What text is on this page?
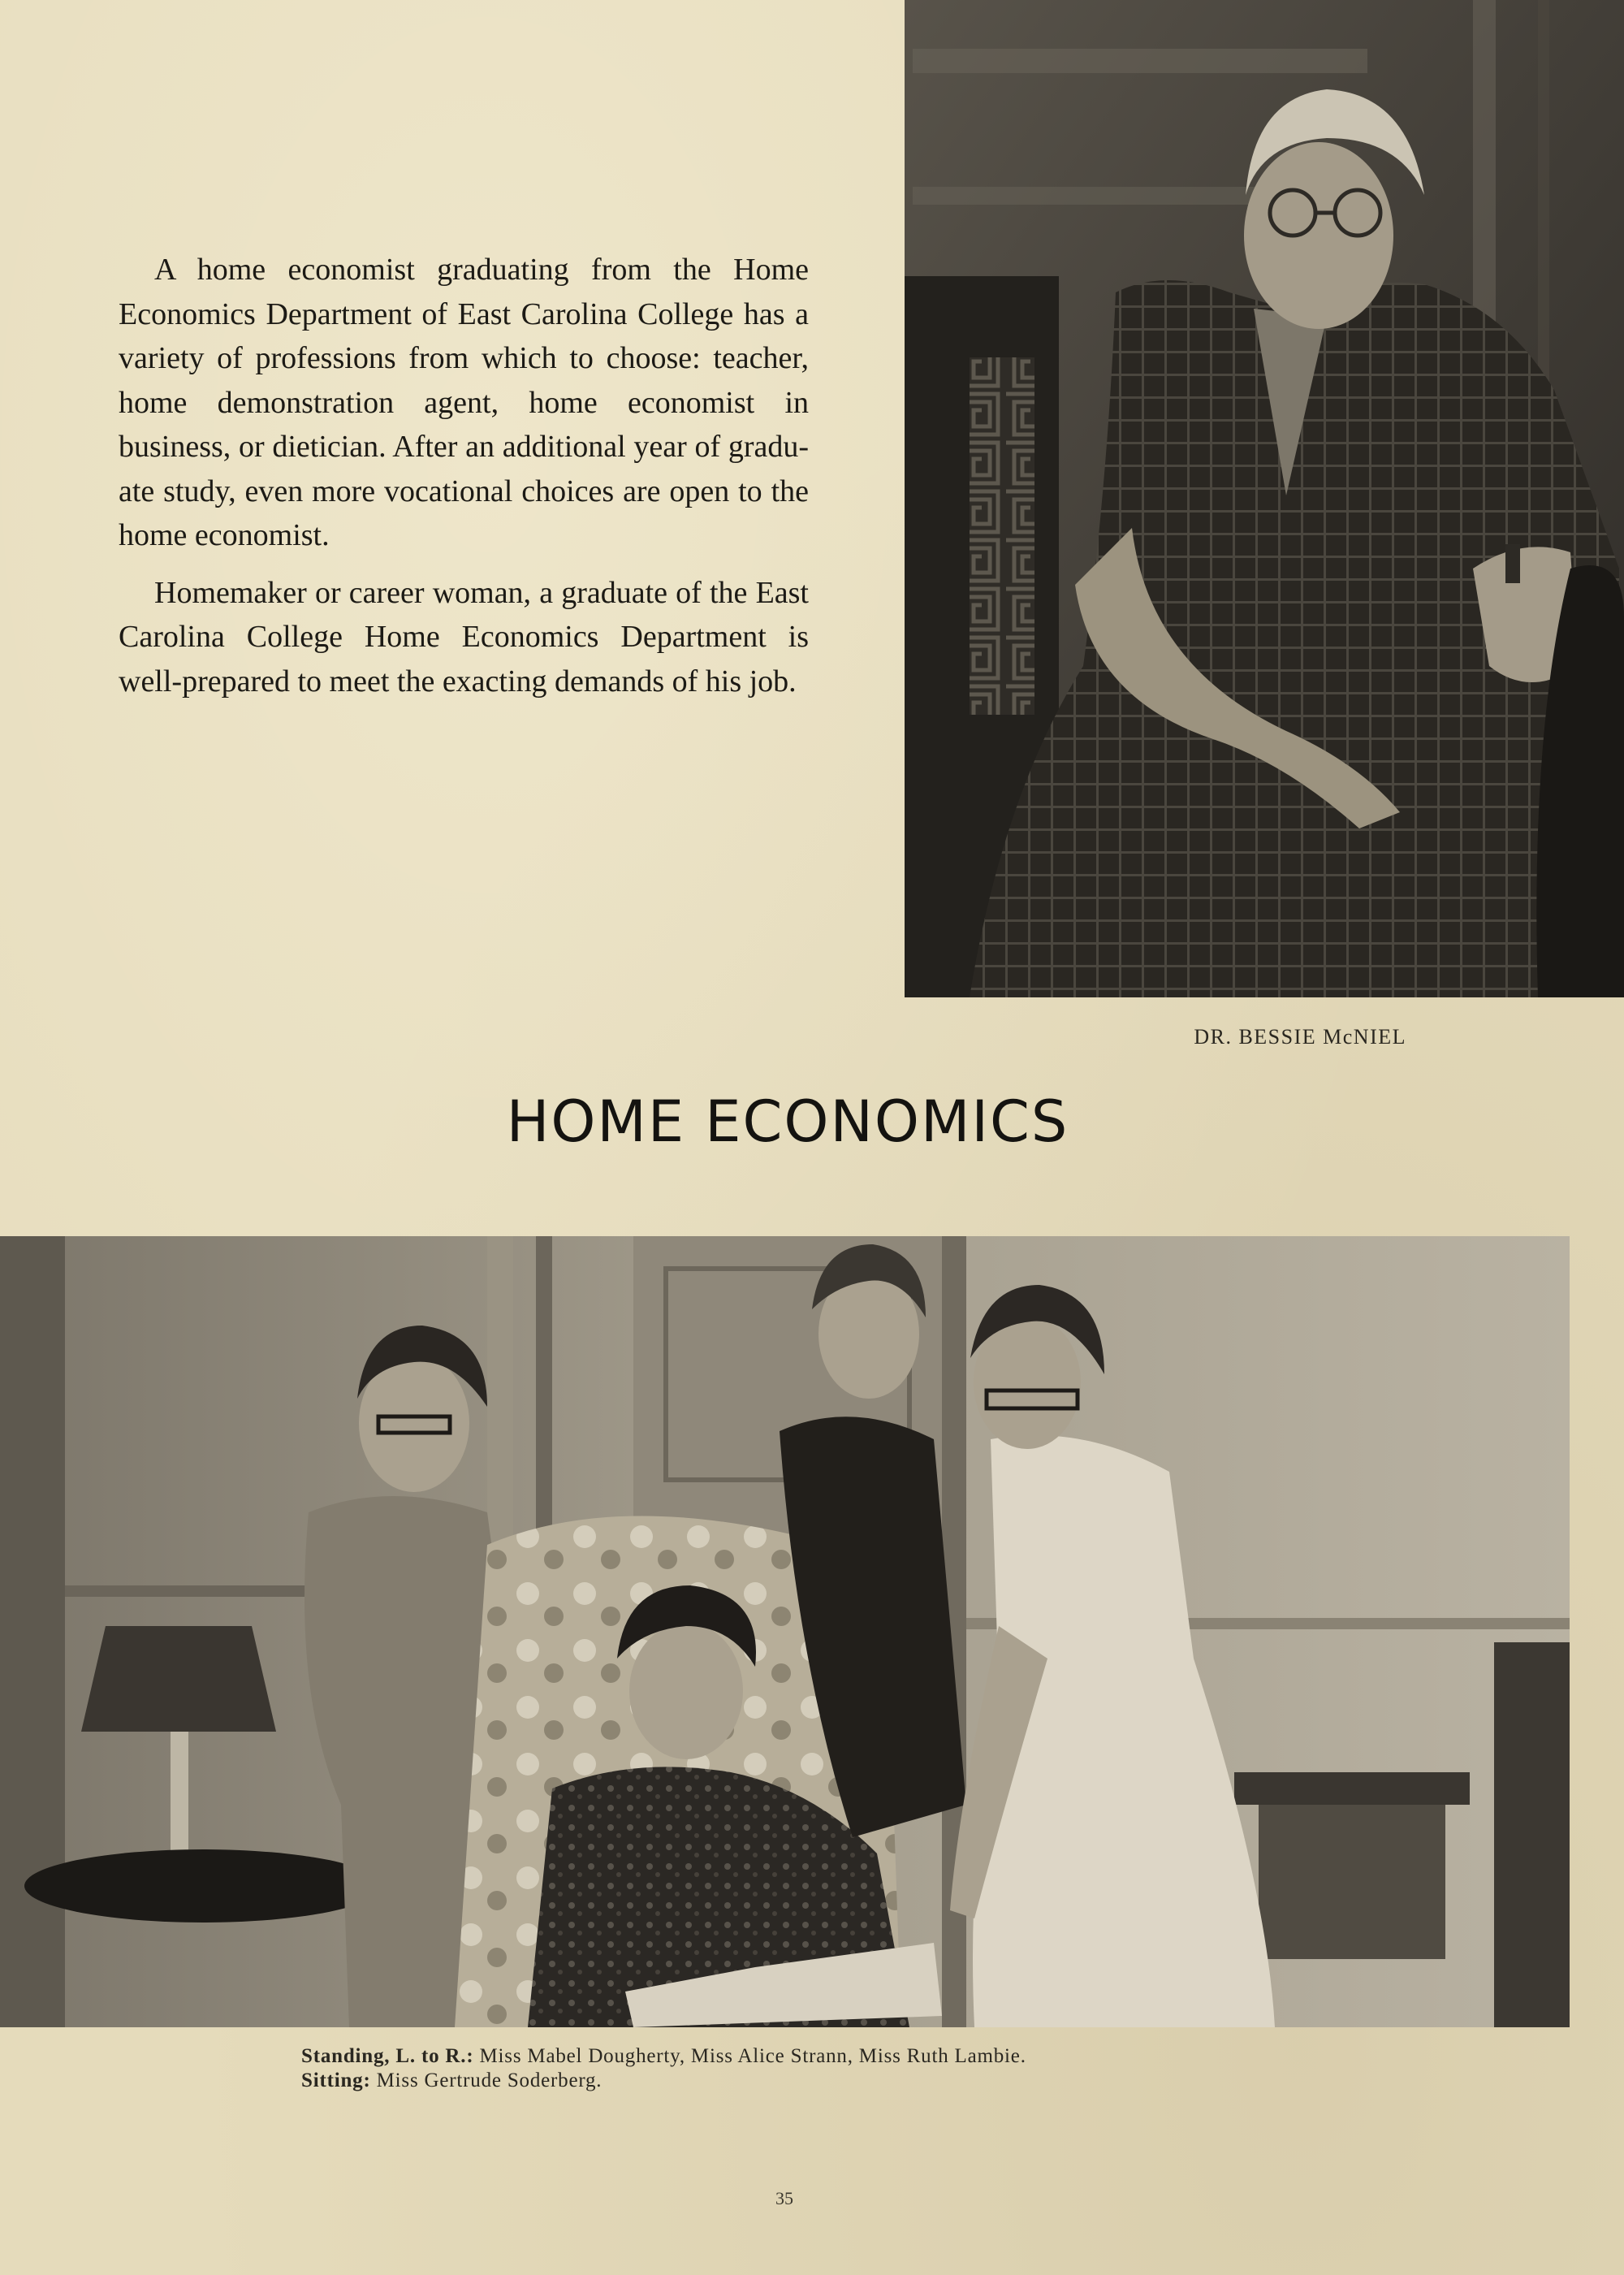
A home economist graduating from the Home Economics Department of East Carolina College has a variety of professions from which to choose: teacher, home demonstration agent, home economist in business, or dietician. After an additional year of graduate study, even more vocational choices are open to the home economist.

Homemaker or career woman, a graduate of the East Carolina College Home Economics Department is well-prepared to meet the exacting demands of his job.

DR. BESSIE McNIEL
HOME ECONOMICS
Standing, L. to R.: Miss Mabel Dougherty, Miss Alice Strann, Miss Ruth Lambie.
Sitting: Miss Gertrude Soderberg.
35
